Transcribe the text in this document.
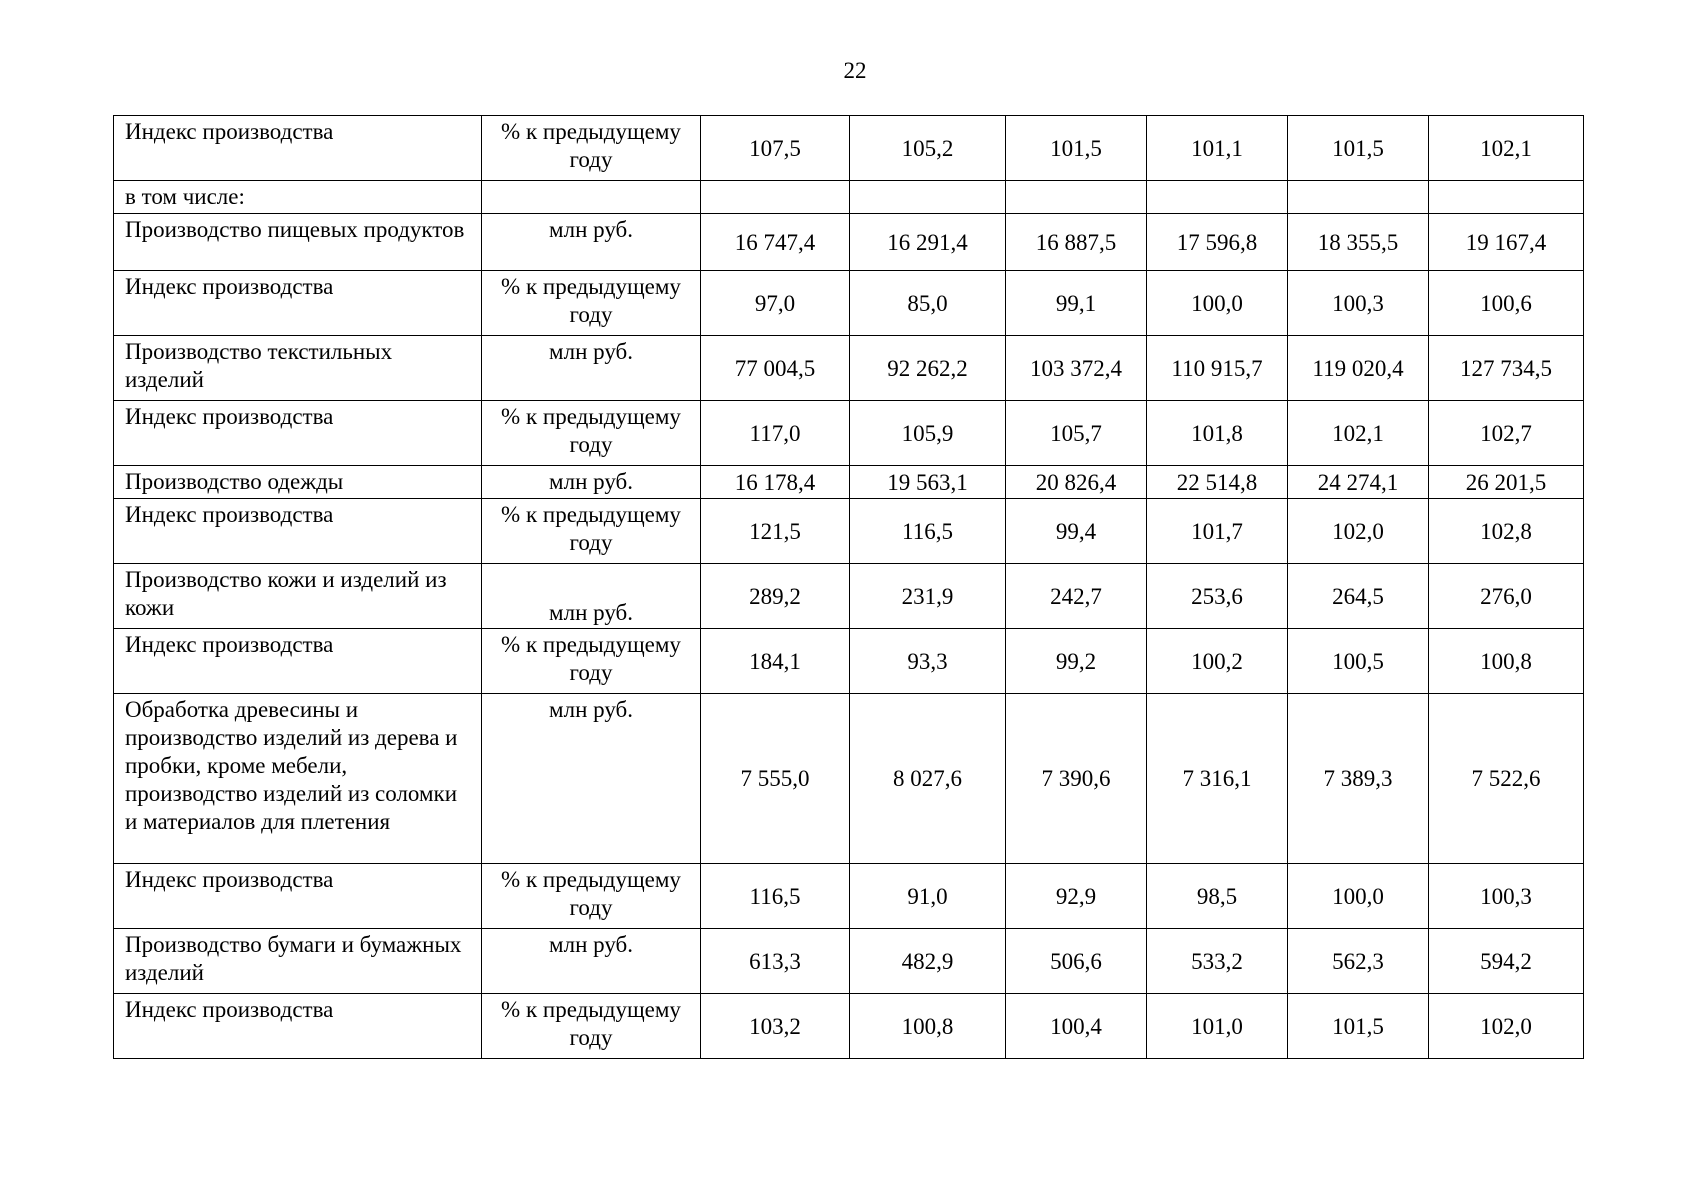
22
Индекс производства	% к предыдущему году	107,5	105,2	101,5	101,1	101,5	102,1
в том числе:							
Производство пищевых продуктов	млн руб.	16 747,4	16 291,4	16 887,5	17 596,8	18 355,5	19 167,4
Индекс производства	% к предыдущему году	97,0	85,0	99,1	100,0	100,3	100,6
Производство текстильных изделий	млн руб.	77 004,5	92 262,2	103 372,4	110 915,7	119 020,4	127 734,5
Индекс производства	% к предыдущему году	117,0	105,9	105,7	101,8	102,1	102,7
Производство одежды	млн руб.	16 178,4	19 563,1	20 826,4	22 514,8	24 274,1	26 201,5
Индекс производства	% к предыдущему году	121,5	116,5	99,4	101,7	102,0	102,8
Производство кожи и изделий из кожи	млн руб.	289,2	231,9	242,7	253,6	264,5	276,0
Индекс производства	% к предыдущему году	184,1	93,3	99,2	100,2	100,5	100,8
Обработка древесины и производство изделий из дерева и пробки, кроме мебели, производство изделий из соломки и материалов для плетения	млн руб.	7 555,0	8 027,6	7 390,6	7 316,1	7 389,3	7 522,6
Индекс производства	% к предыдущему году	116,5	91,0	92,9	98,5	100,0	100,3
Производство бумаги и бумажных изделий	млн руб.	613,3	482,9	506,6	533,2	562,3	594,2
Индекс производства	% к предыдущему году	103,2	100,8	100,4	101,0	101,5	102,0
